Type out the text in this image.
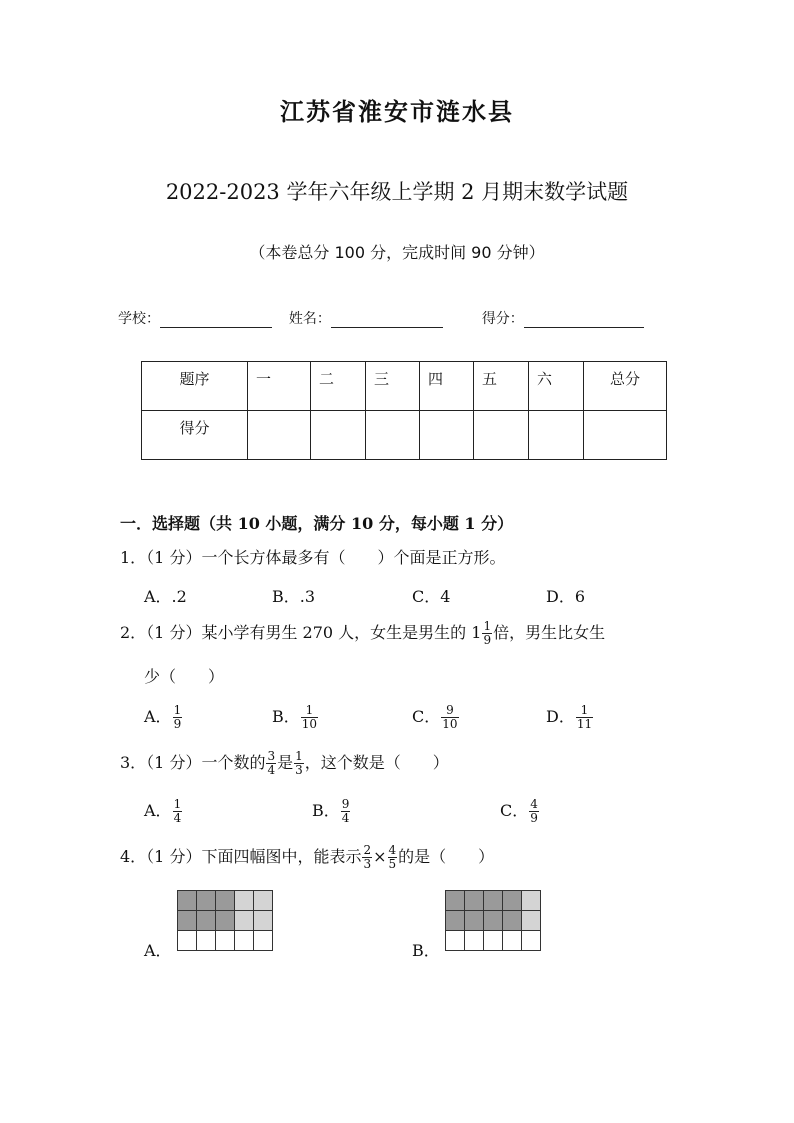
江苏省淮安市涟水县
2022-2023 学年六年级上学期 2 月期末数学试题
（本卷总分 100 分，完成时间 90 分钟）
学校：	姓名：	得分：
题序	一	二	三	四	五	六	总分
得分							
一．选择题（共 10 小题，满分 10 分，每小题 1 分）
1．（1 分）一个长方体最多有（　　）个面是正方形。
A．.2	B．.3	C．4	D．6
2．（1 分）某小学有男生 270 人，女生是男生的 $1 \frac{1}{9}$ 倍，男生比女生
少（　　）
A． $\frac{1}{9}$	B． $\frac{1}{10}$	C． $\frac{9}{10}$	D． $\frac{1}{11}$
3．（1 分）一个数的 $\frac{3}{4}$ 是 $\frac{1}{3}$ ，这个数是（　　）
A． $\frac{1}{4}$	B． $\frac{9}{4}$	C． $\frac{4}{9}$
4．（1 分）下面四幅图中，能表示 $\frac{2}{3} \times \frac{4}{5}$ 的是（　　）
A．

					B．
